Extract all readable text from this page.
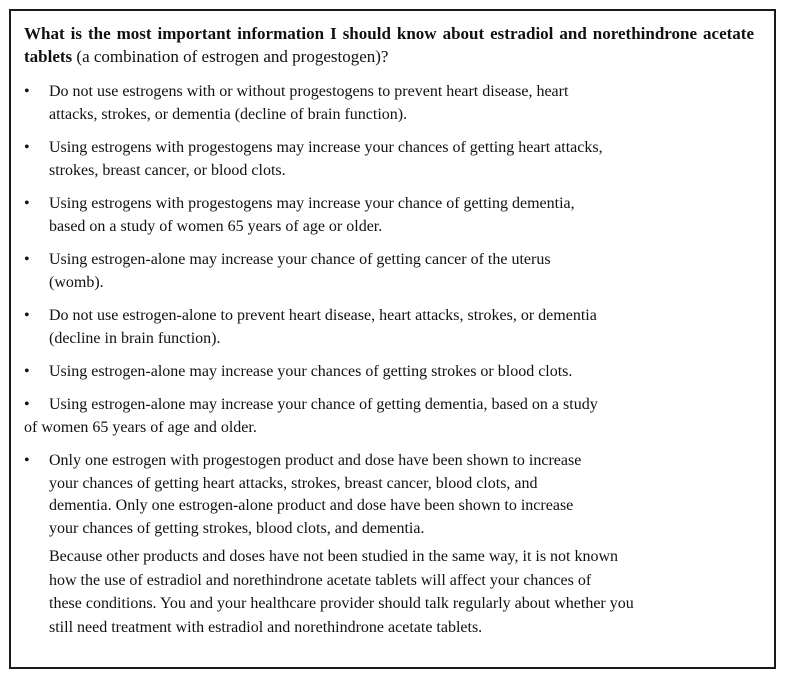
What is the most important information I should know about estradiol and norethindrone acetate tablets (a combination of estrogen and progestogen)?
•	Do not use estrogens with or without progestogens to prevent heart disease, heart
attacks, strokes, or dementia (decline of brain function).
•	Using estrogens with progestogens may increase your chances of getting heart attacks,
strokes, breast cancer, or blood clots.
•	Using estrogens with progestogens may increase your chance of getting dementia,
based on a study of women 65 years of age or older.
•	Using estrogen-alone may increase your chance of getting cancer of the uterus
(womb).
•	Do not use estrogen-alone to prevent heart disease, heart attacks, strokes, or dementia
(decline in brain function).
•	Using estrogen-alone may increase your chances of getting strokes or blood clots.
•	Using estrogen-alone may increase your chance of getting dementia, based on a study
of women 65 years of age and older.
•	Only one estrogen with progestogen product and dose have been shown to increase
your chances of getting heart attacks, strokes, breast cancer, blood clots, and
dementia. Only one estrogen-alone product and dose have been shown to increase
your chances of getting strokes, blood clots, and dementia.
Because other products and doses have not been studied in the same way, it is not known
how the use of estradiol and norethindrone acetate tablets will affect your chances of
these conditions. You and your healthcare provider should talk regularly about whether you
still need treatment with estradiol and norethindrone acetate tablets.
